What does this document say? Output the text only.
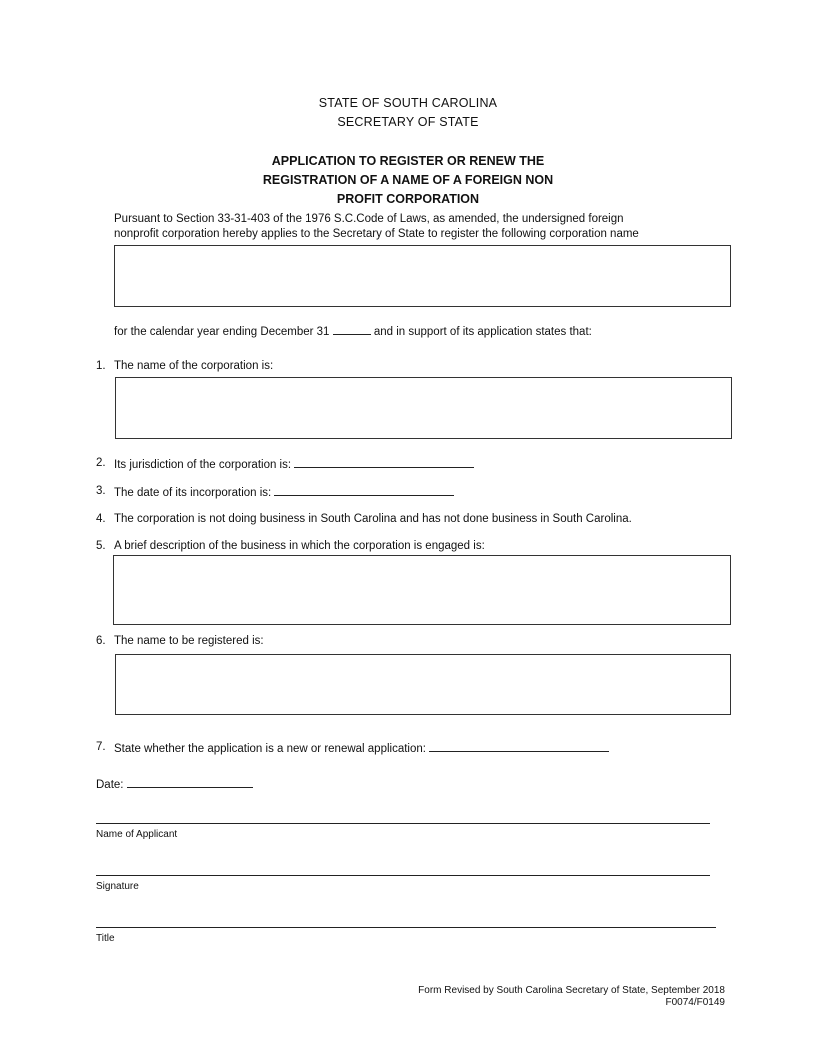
STATE OF SOUTH CAROLINA
SECRETARY OF STATE
APPLICATION TO REGISTER OR RENEW THE
REGISTRATION OF A NAME OF A FOREIGN NON
PROFIT CORPORATION
Pursuant to Section 33-31-403 of the 1976 S.C.Code of Laws, as amended, the undersigned foreign
nonprofit corporation hereby applies to the Secretary of State to register the following corporation name
for the calendar year ending December 31	and in support of its application states that:
1. The name of the corporation is:
2. Its jurisdiction of the corporation is:
3. The date of its incorporation is:
4. The corporation is not doing business in South Carolina and has not done business in South Carolina.
5. A brief description of the business in which the corporation is engaged is:
6. The name to be registered is:
7. State whether the application is a new or renewal application:
Date:
Name of Applicant
Signature
Title
Form Revised by South Carolina Secretary of State, September 2018
F0074/F0149
